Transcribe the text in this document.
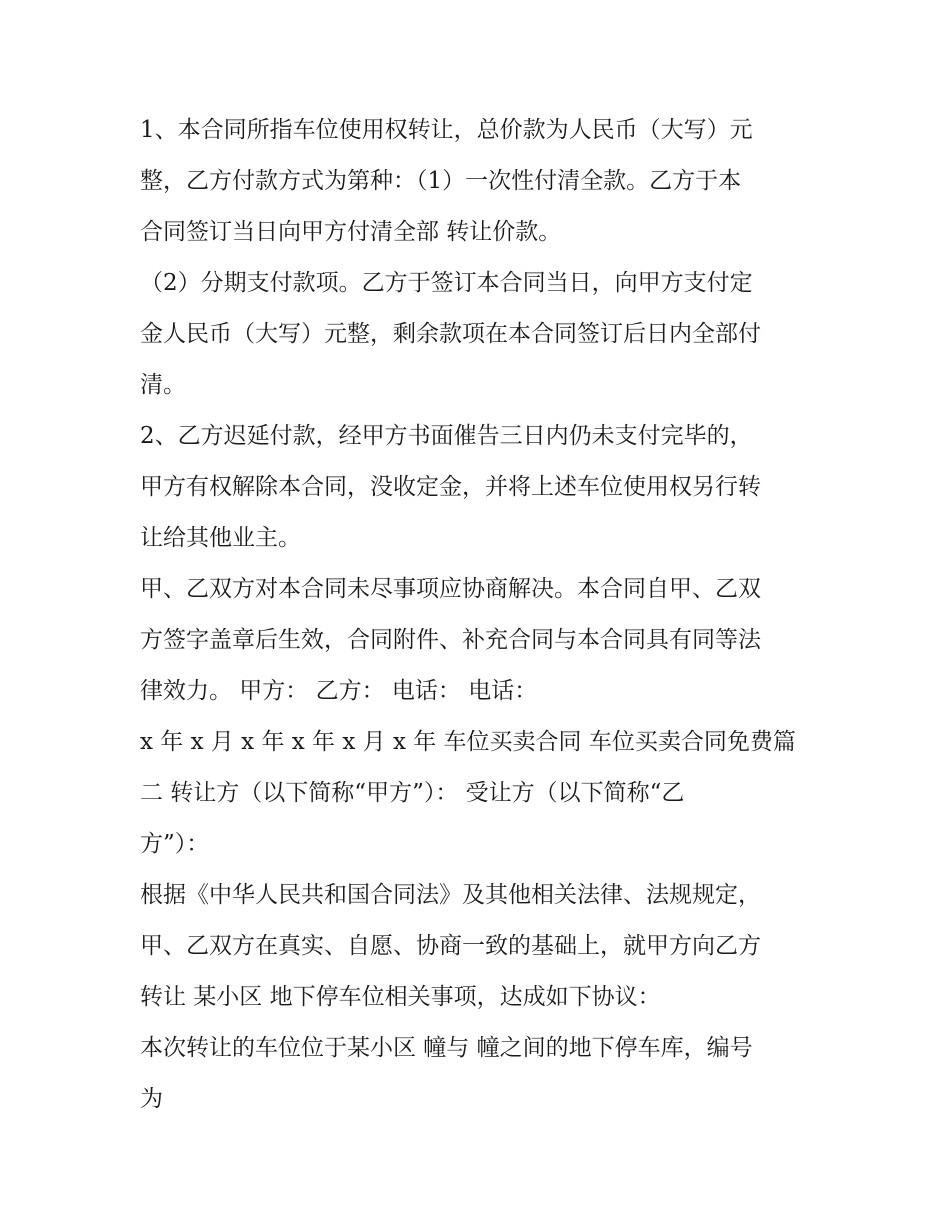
1、本合同所指车位使用权转让，总价款为人民币（大写）元
整，乙方付款方式为第种：（1）一次性付清全款。乙方于本
合同签订当日向甲方付清全部 转让价款。
（2）分期支付款项。乙方于签订本合同当日，向甲方支付定
金人民币（大写）元整，剩余款项在本合同签订后日内全部付
清。
2、乙方迟延付款，经甲方书面催告三日内仍未支付完毕的，
甲方有权解除本合同，没收定金，并将上述车位使用权另行转
让给其他业主。
甲、乙双方对本合同未尽事项应协商解决。本合同自甲、乙双
方签字盖章后生效，合同附件、补充合同与本合同具有同等法
律效力。 甲方： 乙方： 电话： 电话：
x 年 x 月 x 年 x 年 x 月 x 年 车位买卖合同 车位买卖合同免费篇
二 转让方（以下简称“甲方”）： 受让方（以下简称“乙
方”）：
根据《中华人民共和国合同法》及其他相关法律、法规规定，
甲、乙双方在真实、自愿、协商一致的基础上，就甲方向乙方
转让 某小区 地下停车位相关事项，达成如下协议：
本次转让的车位位于某小区 幢与 幢之间的地下停车库，编号
为
